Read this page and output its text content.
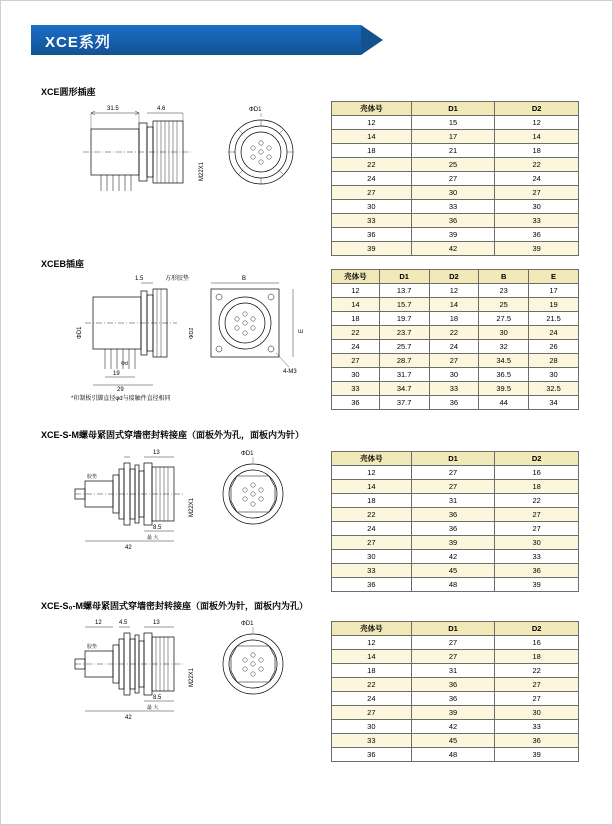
XCE系列
XCE圆形插座
31.5	4.6	ΦD1
M22X1
壳体号	D1	D2
12	15	12
14	17	14
18	21	18
22	25	22
24	27	24
27	30	27
30	33	30
33	36	33
36	39	36
39	42	39
XCEB插座
1.5	方形胶垫	B
19
29
Φd
4-M3
ΦD1	ΦD2	E
*印制板引脚直径φd与接触件直径相同
壳体号	D1	D2	B	E
12	13.7	12	23	17
14	15.7	14	25	19
18	19.7	18	27.5	21.5
22	23.7	22	30	24
24	25.7	24	32	26
27	28.7	27	34.5	28
30	31.7	30	36.5	30
33	34.7	33	39.5	32.5
36	37.7	36	44	34
XCE-S-M螺母紧固式穿墙密封转接座（面板外为孔，面板内为针）
13	ΦD1
42
8.5
最 大
胶垫
M22X1
壳体号	D1	D2
12	27	16
14	27	18
18	31	22
22	36	27
24	36	27
27	39	30
30	42	33
33	45	36
36	48	39
XCE-S₀-M螺母紧固式穿墙密封转接座（面板外为针，面板内为孔）
12	4.5	13	ΦD1
42
8.5
最 大
胶垫
M22X1
壳体号	D1	D2
12	27	16
14	27	18
18	31	22
22	36	27
24	36	27
27	39	30
30	42	33
33	45	36
36	48	39
